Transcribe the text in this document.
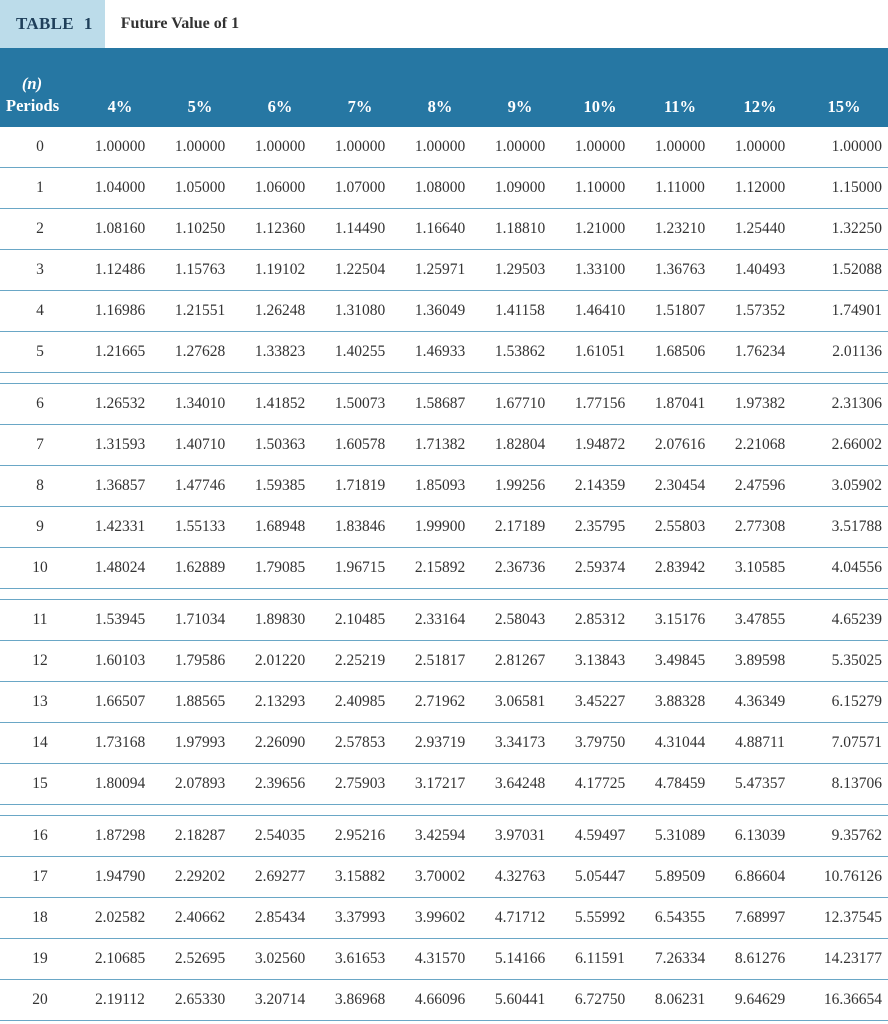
TABLE 1 Future Value of 1
(n)
Periods	4%	5%	6%	7%	8%	9%	10%	11%	12%	15%
0	1.00000	1.00000	1.00000	1.00000	1.00000	1.00000	1.00000	1.00000	1.00000	1.00000
1	1.04000	1.05000	1.06000	1.07000	1.08000	1.09000	1.10000	1.11000	1.12000	1.15000
2	1.08160	1.10250	1.12360	1.14490	1.16640	1.18810	1.21000	1.23210	1.25440	1.32250
3	1.12486	1.15763	1.19102	1.22504	1.25971	1.29503	1.33100	1.36763	1.40493	1.52088
4	1.16986	1.21551	1.26248	1.31080	1.36049	1.41158	1.46410	1.51807	1.57352	1.74901
5	1.21665	1.27628	1.33823	1.40255	1.46933	1.53862	1.61051	1.68506	1.76234	2.01136

6	1.26532	1.34010	1.41852	1.50073	1.58687	1.67710	1.77156	1.87041	1.97382	2.31306
7	1.31593	1.40710	1.50363	1.60578	1.71382	1.82804	1.94872	2.07616	2.21068	2.66002
8	1.36857	1.47746	1.59385	1.71819	1.85093	1.99256	2.14359	2.30454	2.47596	3.05902
9	1.42331	1.55133	1.68948	1.83846	1.99900	2.17189	2.35795	2.55803	2.77308	3.51788
10	1.48024	1.62889	1.79085	1.96715	2.15892	2.36736	2.59374	2.83942	3.10585	4.04556

11	1.53945	1.71034	1.89830	2.10485	2.33164	2.58043	2.85312	3.15176	3.47855	4.65239
12	1.60103	1.79586	2.01220	2.25219	2.51817	2.81267	3.13843	3.49845	3.89598	5.35025
13	1.66507	1.88565	2.13293	2.40985	2.71962	3.06581	3.45227	3.88328	4.36349	6.15279
14	1.73168	1.97993	2.26090	2.57853	2.93719	3.34173	3.79750	4.31044	4.88711	7.07571
15	1.80094	2.07893	2.39656	2.75903	3.17217	3.64248	4.17725	4.78459	5.47357	8.13706

16	1.87298	2.18287	2.54035	2.95216	3.42594	3.97031	4.59497	5.31089	6.13039	9.35762
17	1.94790	2.29202	2.69277	3.15882	3.70002	4.32763	5.05447	5.89509	6.86604	10.76126
18	2.02582	2.40662	2.85434	3.37993	3.99602	4.71712	5.55992	6.54355	7.68997	12.37545
19	2.10685	2.52695	3.02560	3.61653	4.31570	5.14166	6.11591	7.26334	8.61276	14.23177
20	2.19112	2.65330	3.20714	3.86968	4.66096	5.60441	6.72750	8.06231	9.64629	16.36654
